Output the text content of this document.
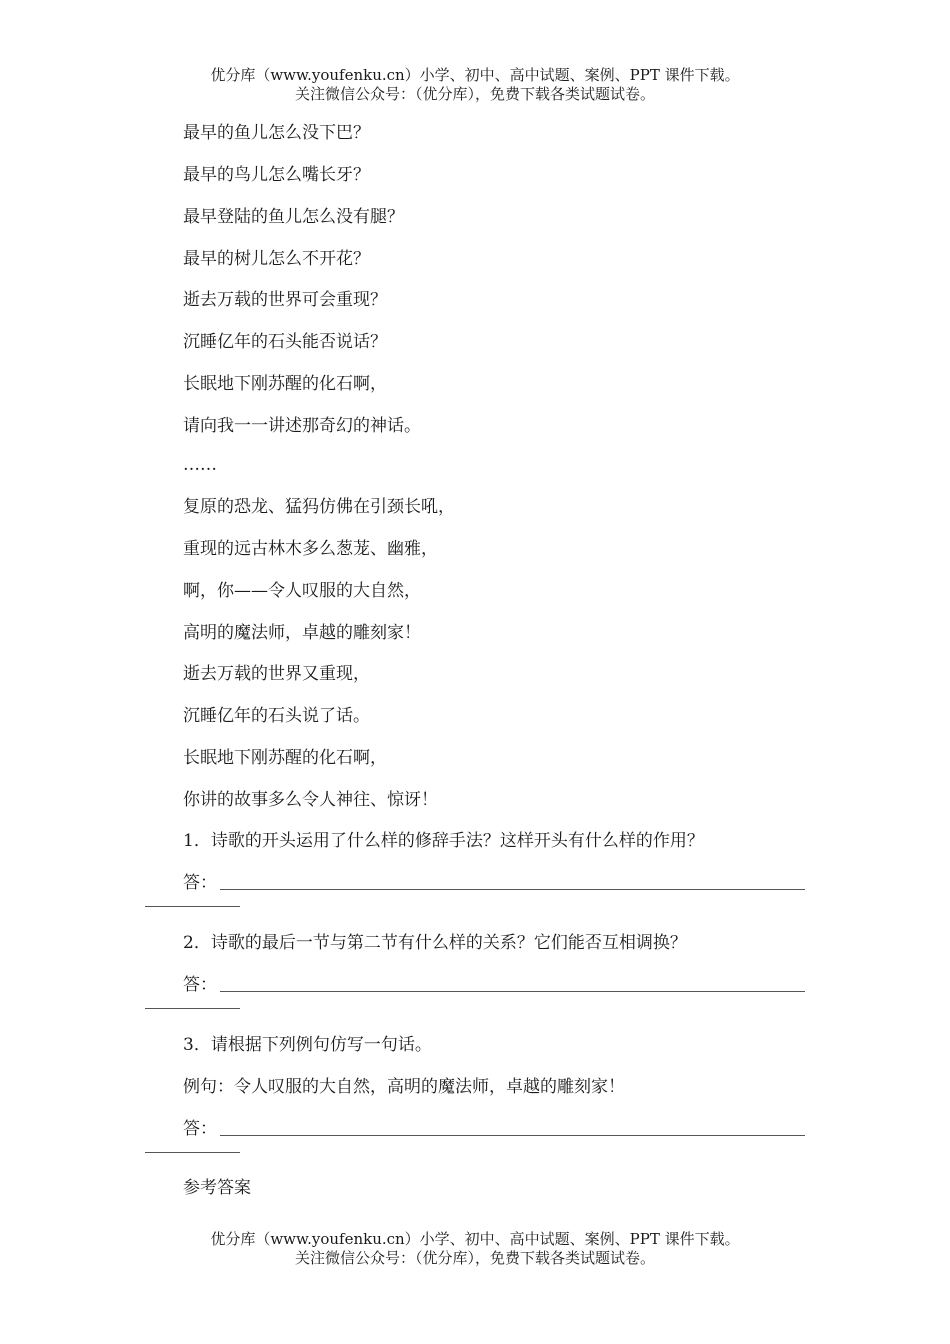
优分库（www.youfenku.cn）小学、初中、高中试题、案例、PPT 课件下载。
关注微信公众号：（优分库），免费下载各类试题试卷。
最早的鱼儿怎么没下巴？
最早的鸟儿怎么嘴长牙？
最早登陆的鱼儿怎么没有腿？
最早的树儿怎么不开花？
逝去万载的世界可会重现？
沉睡亿年的石头能否说话？
长眠地下刚苏醒的化石啊，
请向我一一讲述那奇幻的神话。
……
复原的恐龙、猛犸仿佛在引颈长吼，
重现的远古林木多么葱茏、幽雅，
啊，你——令人叹服的大自然，
高明的魔法师，卓越的雕刻家！
逝去万载的世界又重现，
沉睡亿年的石头说了话。
长眠地下刚苏醒的化石啊，
你讲的故事多么令人神往、惊讶！
1．诗歌的开头运用了什么样的修辞手法？这样开头有什么样的作用？
答：
2．诗歌的最后一节与第二节有什么样的关系？它们能否互相调换？
答：
3．请根据下列例句仿写一句话。
例句：令人叹服的大自然，高明的魔法师，卓越的雕刻家！
答：
参考答案
优分库（www.youfenku.cn）小学、初中、高中试题、案例、PPT 课件下载。
关注微信公众号：（优分库），免费下载各类试题试卷。
